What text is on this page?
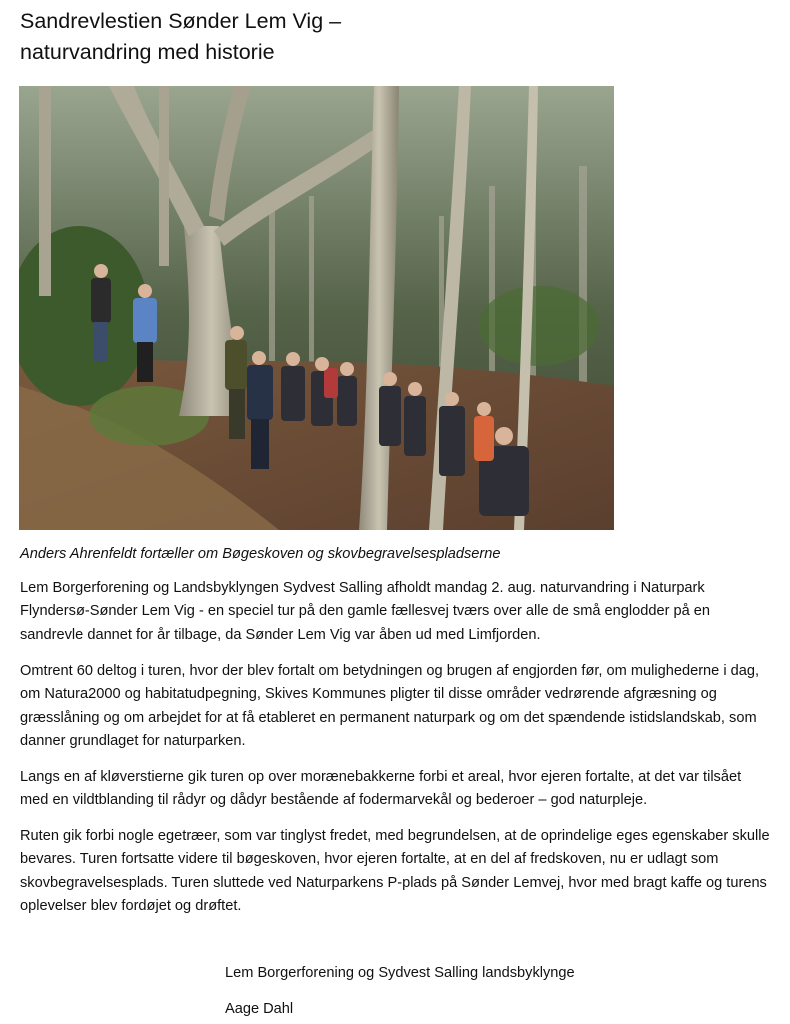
Sandrevlestien Sønder Lem Vig –
naturvandring med historie
Anders Ahrenfeldt fortæller om Bøgeskoven og skovbegravelsespladserne

Lem Borgerforening og Landsbyklyngen Sydvest Salling afholdt mandag 2. aug. naturvandring i Naturpark Flyndersø-Sønder Lem Vig - en speciel tur på den gamle fællesvej tværs over alle de små englodder på en sandrevle dannet for år tilbage, da Sønder Lem Vig var åben ud med Limfjorden.

Omtrent 60 deltog i turen, hvor der blev fortalt om betydningen og brugen af engjorden før, om mulighederne i dag, om Natura2000 og habitatudpegning, Skives Kommunes pligter til disse områder vedrørende afgræsning og græsslåning og om arbejdet for at få etableret en permanent naturpark og om det spændende istidslandskab, som danner grundlaget for naturparken.

Langs en af kløverstierne gik turen op over morænebakkerne forbi et areal, hvor ejeren fortalte, at det var tilsået med en vildtblanding til rådyr og dådyr bestående af fodermarvekål og bederoer – god naturpleje.

Ruten gik forbi nogle egetræer, som var tinglyst fredet, med begrundelsen, at de oprindelige eges egenskaber skulle bevares. Turen fortsatte videre til bøgeskoven, hvor ejeren fortalte, at en del af fredskoven, nu er udlagt som skovbegravelsesplads. Turen sluttede ved Naturparkens P-plads på Sønder Lemvej, hvor med bragt kaffe og turens oplevelser blev fordøjet og drøftet.

Lem Borgerforening og Sydvest Salling landsbyklynge
Aage Dahl
